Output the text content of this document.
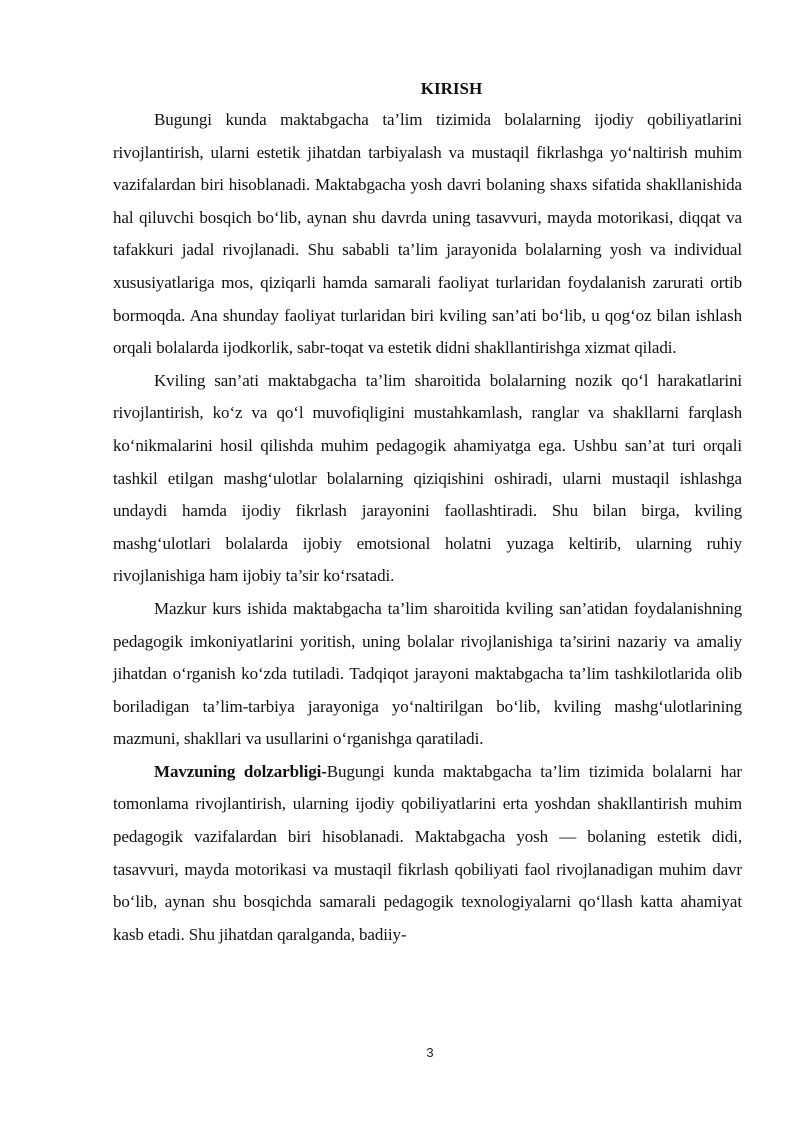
KIRISH

Bugungi kunda maktabgacha ta’lim tizimida bolalarning ijodiy qobiliyatlarini rivojlantirish, ularni estetik jihatdan tarbiyalash va mustaqil fikrlashga yo‘naltirish muhim vazifalardan biri hisoblanadi. Maktabgacha yosh davri bolaning shaxs sifatida shakllanishida hal qiluvchi bosqich bo‘lib, aynan shu davrda uning tasavvuri, mayda motorikasi, diqqat va tafakkuri jadal rivojlanadi. Shu sababli ta’lim jarayonida bolalarning yosh va individual xususiyatlariga mos, qiziqarli hamda samarali faoliyat turlaridan foydalanish zarurati ortib bormoqda. Ana shunday faoliyat turlaridan biri kviling san’ati bo‘lib, u qog‘oz bilan ishlash orqali bolalarda ijodkorlik, sabr-toqat va estetik didni shakllantirishga xizmat qiladi.

Kviling san’ati maktabgacha ta’lim sharoitida bolalarning nozik qo‘l harakatlarini rivojlantirish, ko‘z va qo‘l muvofiqligini mustahkamlash, ranglar va shakllarni farqlash ko‘nikmalarini hosil qilishda muhim pedagogik ahamiyatga ega. Ushbu san’at turi orqali tashkil etilgan mashg‘ulotlar bolalarning qiziqishini oshiradi, ularni mustaqil ishlashga undaydi hamda ijodiy fikrlash jarayonini faollashtiradi. Shu bilan birga, kviling mashg‘ulotlari bolalarda ijobiy emotsional holatni yuzaga keltirib, ularning ruhiy rivojlanishiga ham ijobiy ta’sir ko‘rsatadi.

Mazkur kurs ishida maktabgacha ta’lim sharoitida kviling san’atidan foydalanishning pedagogik imkoniyatlarini yoritish, uning bolalar rivojlanishiga ta’sirini nazariy va amaliy jihatdan o‘rganish ko‘zda tutiladi. Tadqiqot jarayoni maktabgacha ta’lim tashkilotlarida olib boriladigan ta’lim-tarbiya jarayoniga yo‘naltirilgan bo‘lib, kviling mashg‘ulotlarining mazmuni, shakllari va usullarini o‘rganishga qaratiladi.

Mavzuning dolzarbligi-Bugungi kunda maktabgacha ta’lim tizimida bolalarni har tomonlama rivojlantirish, ularning ijodiy qobiliyatlarini erta yoshdan shakllantirish muhim pedagogik vazifalardan biri hisoblanadi. Maktabgacha yosh — bolaning estetik didi, tasavvuri, mayda motorikasi va mustaqil fikrlash qobiliyati faol rivojlanadigan muhim davr bo‘lib, aynan shu bosqichda samarali pedagogik texnologiyalarni qo‘llash katta ahamiyat kasb etadi. Shu jihatdan qaralganda, badiiy-

3
